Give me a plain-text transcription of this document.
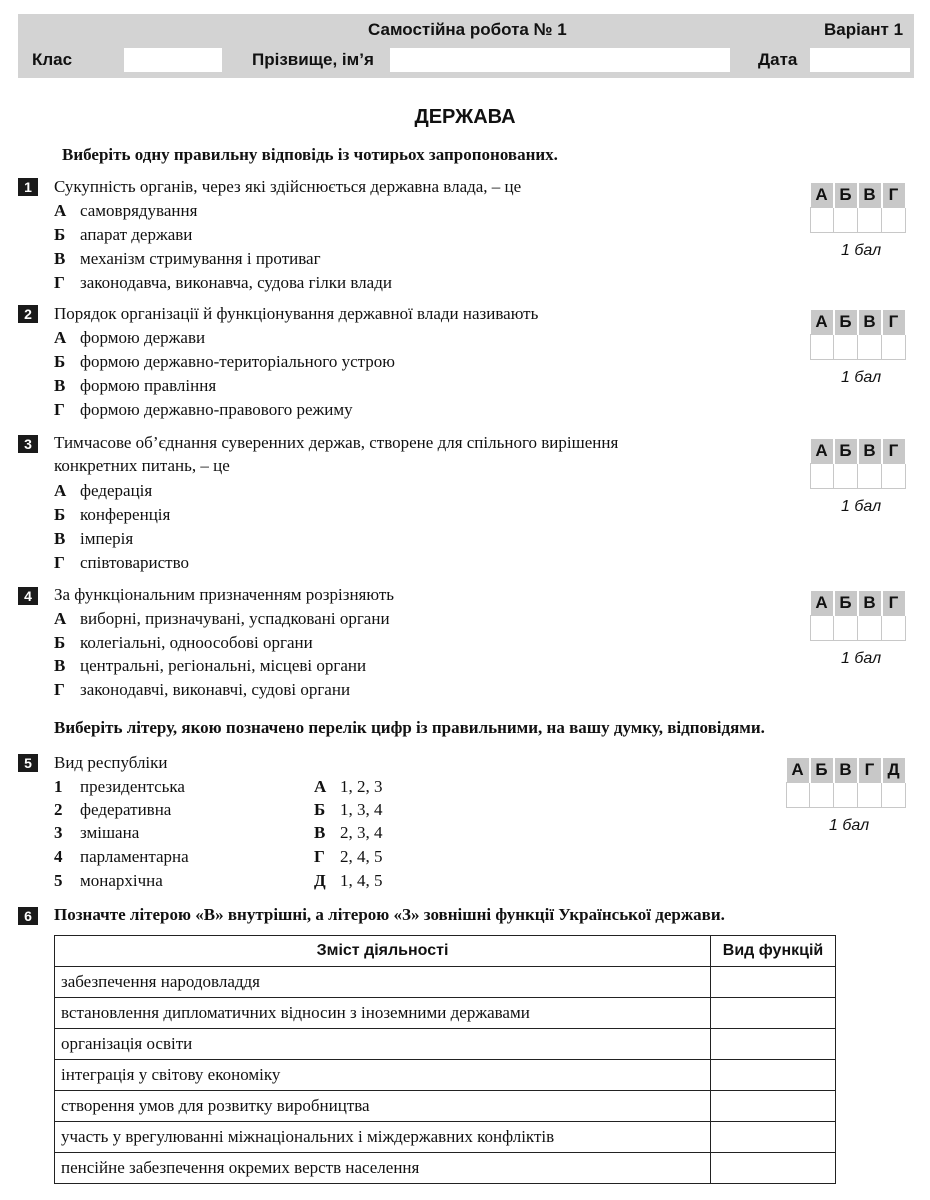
Самостійна робота № 1	Варіант 1
Клас	Прізвище, ім’я	Дата
ДЕРЖАВА
Виберіть одну правильну відповідь із чотирьох запропонованих.
1	Сукупність органів, через які здійснюється державна влада, – це
А самоврядування
Б апарат держави
В механізм стримування і противаг
Г законодавча, виконавча, судова гілки влади
А	Б	В	Г

1 бал
2	Порядок організації й функціонування державної влади називають
А формою держави
Б формою державно-територіального устрою
В формою правління
Г формою державно-правового режиму
А	Б	В	Г

1 бал
3	Тимчасове об’єднання суверенних держав, створене для спільного вирішення
конкретних питань, – це
А федерація
Б конференція
В імперія
Г співтовариство
А	Б	В	Г

1 бал
4	За функціональним призначенням розрізняють
А виборні, призначувані, успадковані органи
Б колегіальні, одноособові органи
В центральні, регіональні, місцеві органи
Г законодавчі, виконавчі, судові органи
А	Б	В	Г

1 бал
Виберіть літеру, якою позначено перелік цифр із правильними, на вашу думку, відповідями.
5	Вид республіки
1 президентська
2 федеративна
3 змішана
4 парламентарна
5 монархічна
А 1, 2, 3
Б 1, 3, 4
В 2, 3, 4
Г 2, 4, 5
Д 1, 4, 5
А	Б	В	Г	Д

1 бал
6	Позначте літерою «В» внутрішні, а літерою «З» зовнішні функції Української держави.
Зміст діяльності	Вид функцій
забезпечення народовладдя	
встановлення дипломатичних відносин з іноземними державами	
організація освіти	
інтеграція у світову економіку	
створення умов для розвитку виробництва	
участь у врегулюванні міжнаціональних і міждержавних конфліктів	
пенсійне забезпечення окремих верств населення	
